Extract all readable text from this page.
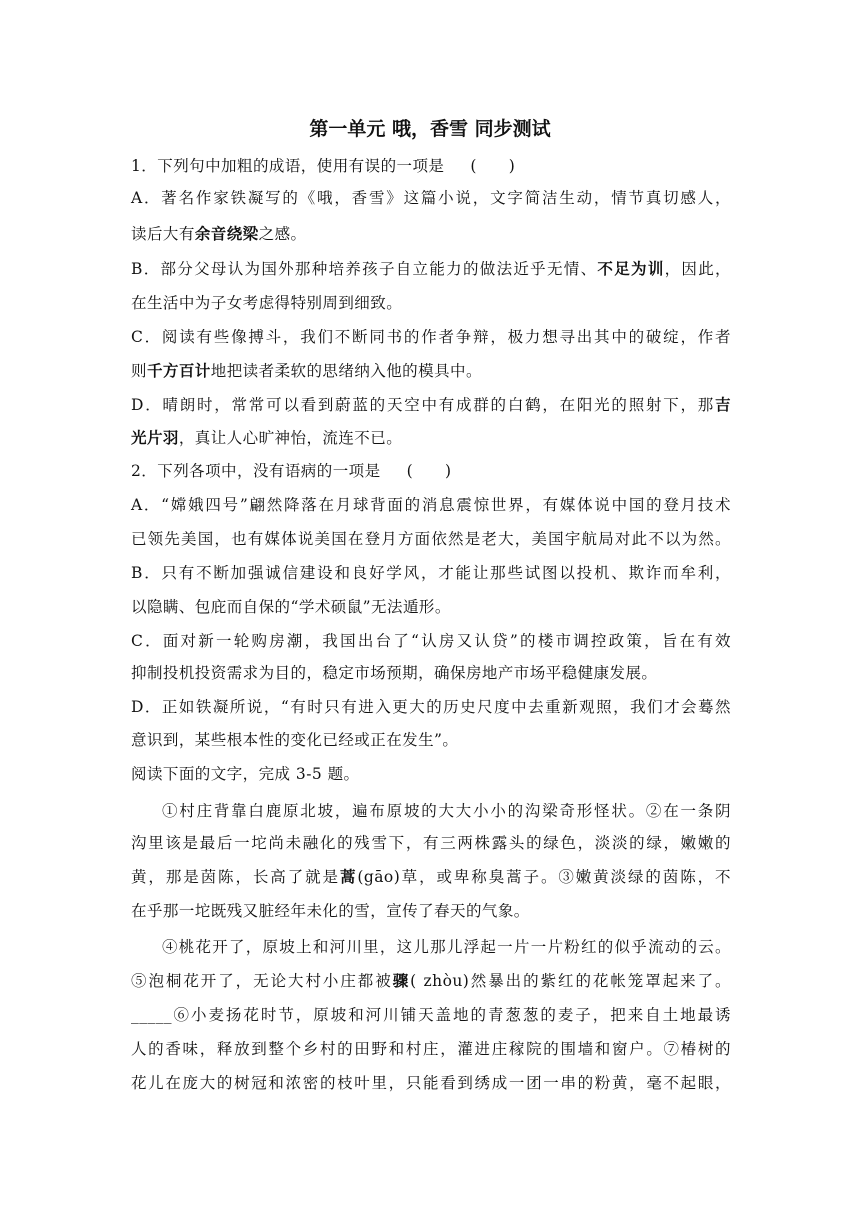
第一单元 哦，香雪 同步测试
1．下列句中加粗的成语，使用有误的一项是 (　　)
A．著名作家铁凝写的《哦，香雪》这篇小说，文字简洁生动，情节真切感人，
读后大有余音绕梁之感。
B．部分父母认为国外那种培养孩子自立能力的做法近乎无情、不足为训，因此，
在生活中为子女考虑得特别周到细致。
C．阅读有些像搏斗，我们不断同书的作者争辩，极力想寻出其中的破绽，作者
则千方百计地把读者柔软的思绪纳入他的模具中。
D．晴朗时，常常可以看到蔚蓝的天空中有成群的白鹤，在阳光的照射下，那吉
光片羽，真让人心旷神怡，流连不已。
2．下列各项中，没有语病的一项是 (　　)
A．“嫦娥四号”翩然降落在月球背面的消息震惊世界，有媒体说中国的登月技术
已领先美国，也有媒体说美国在登月方面依然是老大，美国宇航局对此不以为然。
B．只有不断加强诚信建设和良好学风，才能让那些试图以投机、欺诈而牟利，
以隐瞒、包庇而自保的“学术硕鼠”无法遁形。
C．面对新一轮购房潮，我国出台了“认房又认贷”的楼市调控政策，旨在有效
抑制投机投资需求为目的，稳定市场预期，确保房地产市场平稳健康发展。
D．正如铁凝所说，“有时只有进入更大的历史尺度中去重新观照，我们才会蓦然
意识到，某些根本性的变化已经或正在发生”。
阅读下面的文字，完成 3-5 题。
①村庄背靠白鹿原北坡，遍布原坡的大大小小的沟梁奇形怪状。②在一条阴
沟里该是最后一坨尚未融化的残雪下，有三两株露头的绿色，淡淡的绿，嫩嫩的
黄，那是茵陈，长高了就是蒿(gāo)草，或卑称臭蒿子。③嫩黄淡绿的茵陈，不
在乎那一坨既残又脏经年未化的雪，宣传了春天的气象。
④桃花开了，原坡上和河川里，这儿那儿浮起一片一片粉红的似乎流动的云。
⑤泡桐花开了，无论大村小庄都被骤( zhòu)然暴出的紫红的花帐笼罩起来了。
_____⑥小麦扬花时节，原坡和河川铺天盖地的青葱葱的麦子，把来自土地最诱
人的香味，释放到整个乡村的田野和村庄，灌进庄稼院的围墙和窗户。⑦椿树的
花儿在庞大的树冠和浓密的枝叶里，只能看到绣成一团一串的粉黄，毫不起眼，
